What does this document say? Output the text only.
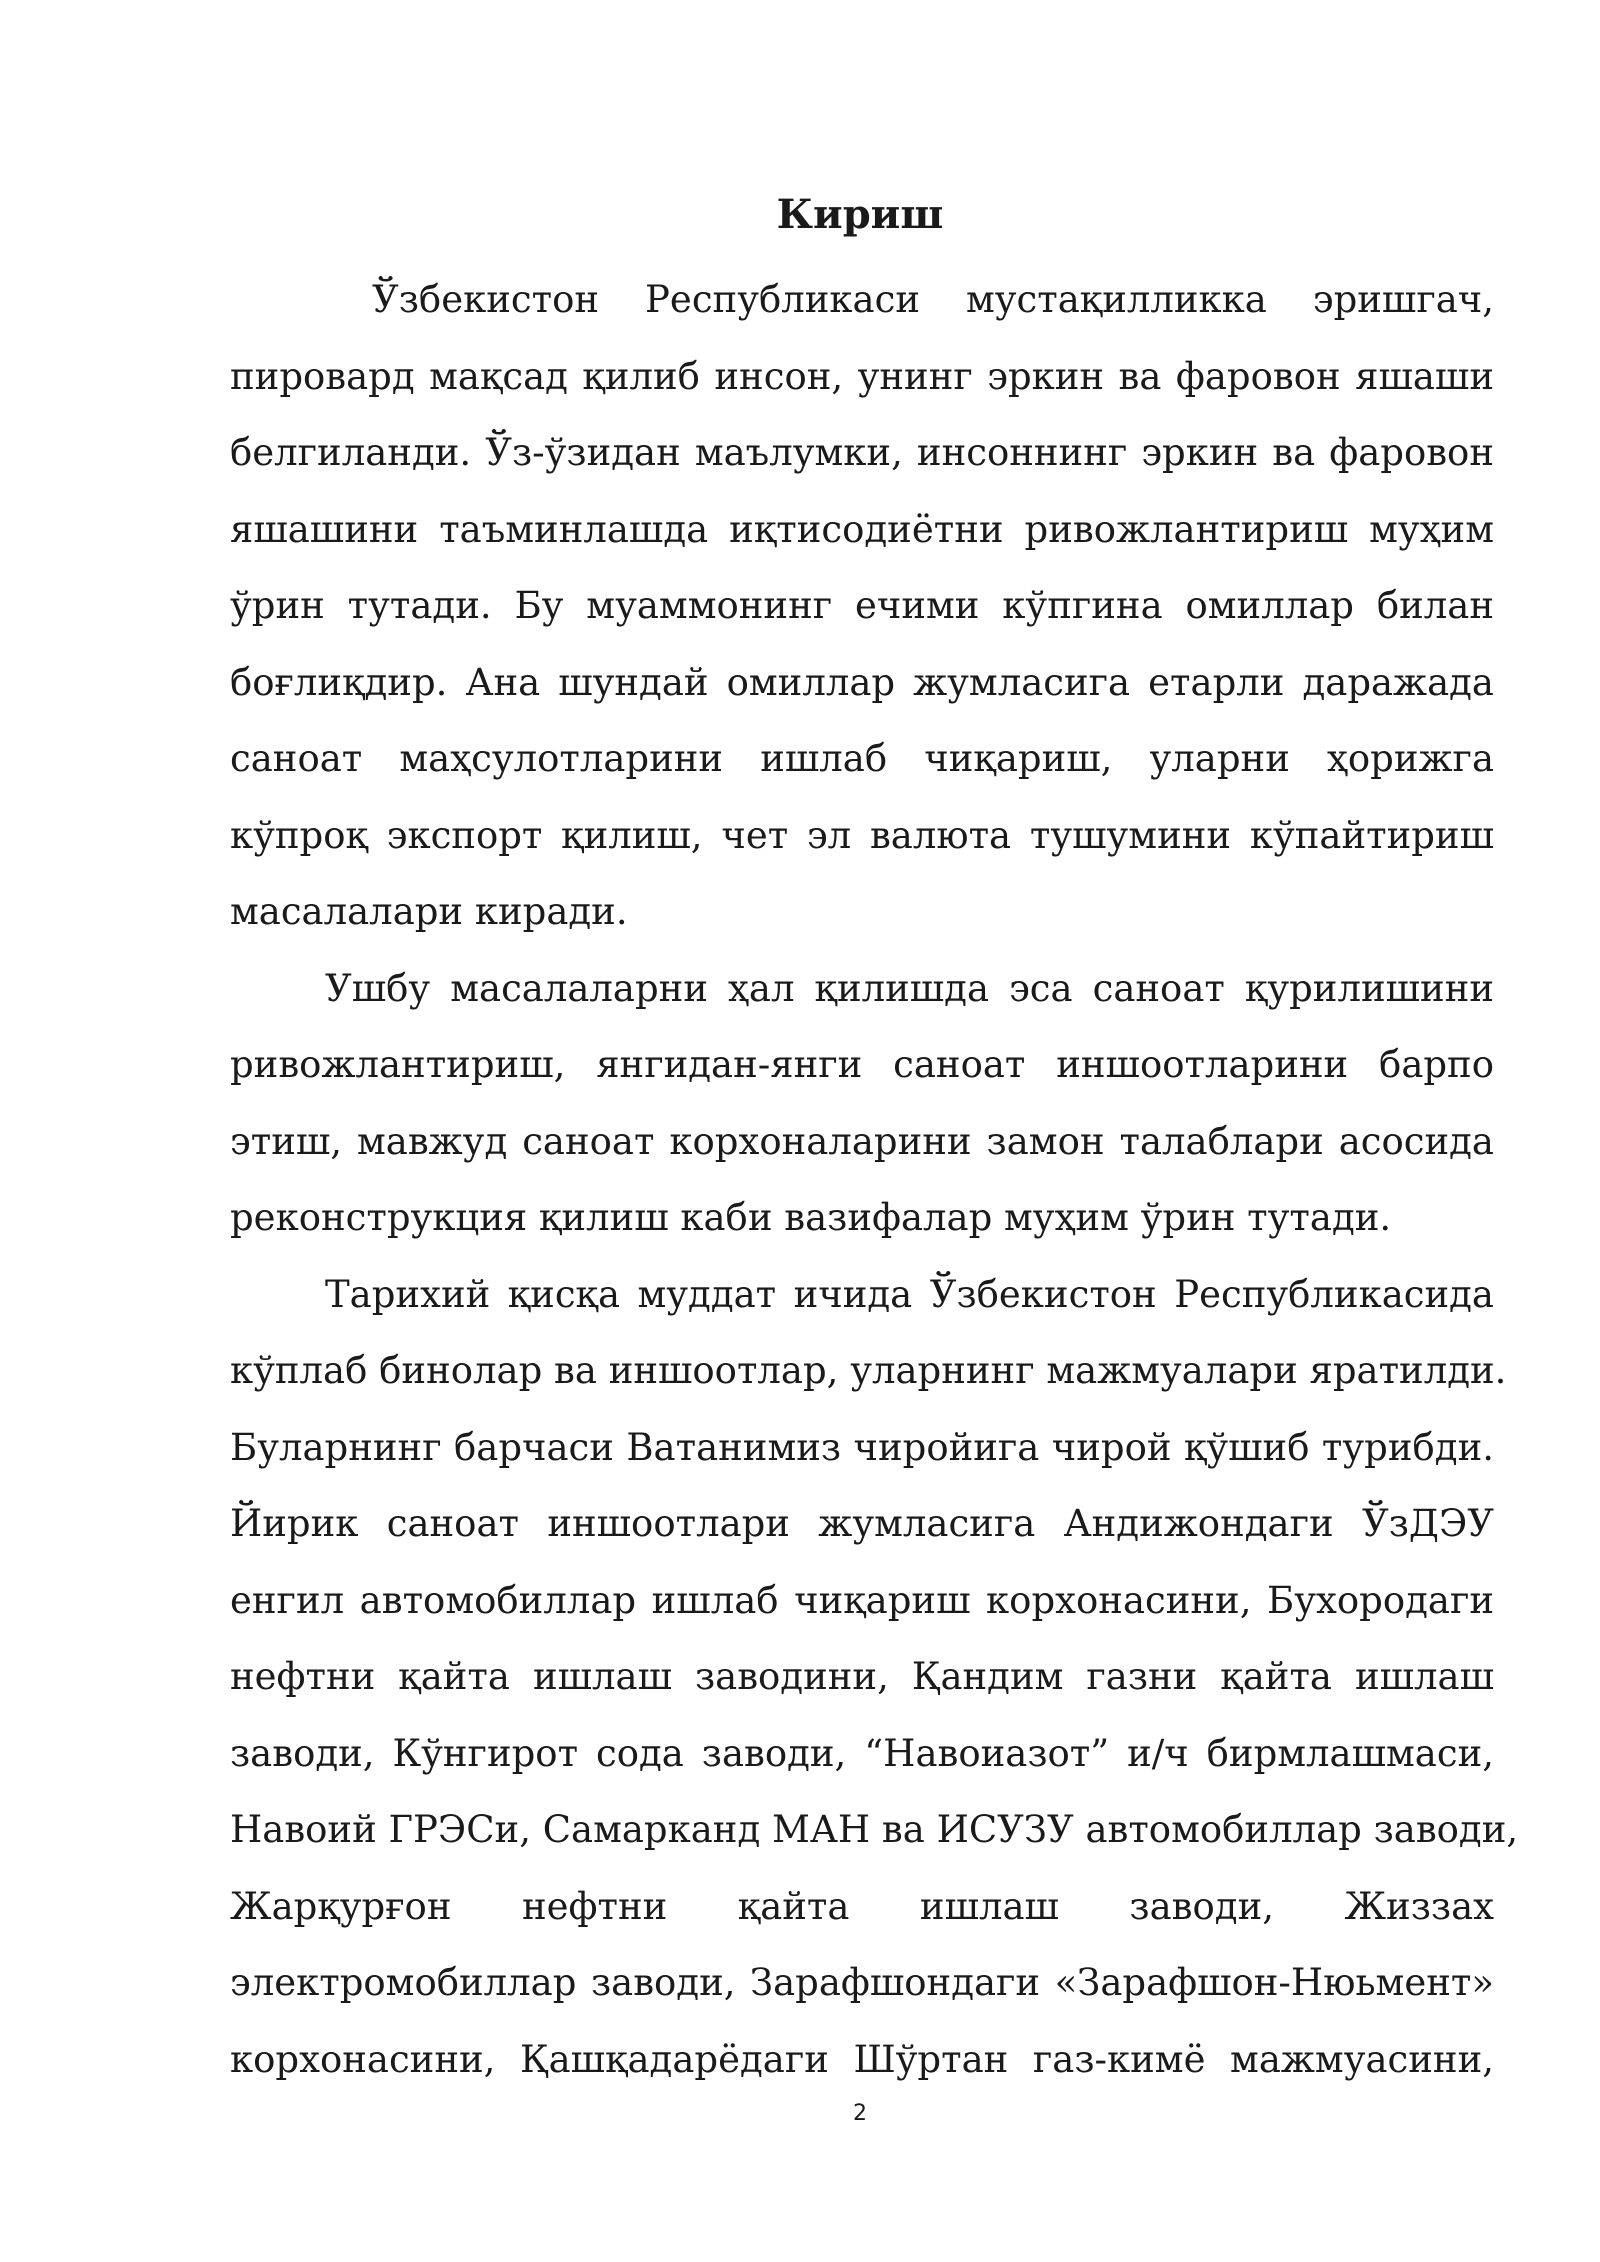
Кириш
Ўзбекистон Республикаси мустақилликка эришгач,
пировард мақсад қилиб инсон, унинг эркин ва фаровон яшаши
белгиланди. Ўз-ўзидан маълумки, инсоннинг эркин ва фаровон
яшашини таъминлашда иқтисодиётни ривожлантириш муҳим
ўрин тутади. Бу муаммонинг ечими кўпгина омиллар билан
боғлиқдир. Ана шундай омиллар жумласига етарли даражада
саноат маҳсулотларини ишлаб чиқариш, уларни ҳорижга
кўпроқ экспорт қилиш, чет эл валюта тушумини кўпайтириш
масалалари киради.
Ушбу масалаларни ҳал қилишда эса саноат қурилишини
ривожлантириш, янгидан-янги саноат иншоотларини барпо
этиш, мавжуд саноат корхоналарини замон талаблари асосида
реконструкция қилиш каби вазифалар муҳим ўрин тутади.
Тарихий қисқа муддат ичида Ўзбекистон Республикасида
кўплаб бинолар ва иншоотлар, уларнинг мажмуалари яратилди.
Буларнинг барчаси Ватанимиз чиройига чирой қўшиб турибди.
Йирик саноат иншоотлари жумласига Андижондаги ЎзДЭУ
енгил автомобиллар ишлаб чиқариш корхонасини, Бухородаги
нефтни қайта ишлаш заводини, Қандим газни қайта ишлаш
заводи, Кўнгирот сода заводи, “Навоиазот” и/ч бирмлашмаси,
Навоий ГРЭСи, Самарканд МАН ва ИСУЗУ автомобиллар заводи,
Жарқурғон нефтни қайта ишлаш заводи, Жиззах
электромобиллар заводи, Зарафшондаги «Зарафшон-Нюьмент»
корхонасини, Қашқадарёдаги Шўртан газ-кимё мажмуасини,
2
